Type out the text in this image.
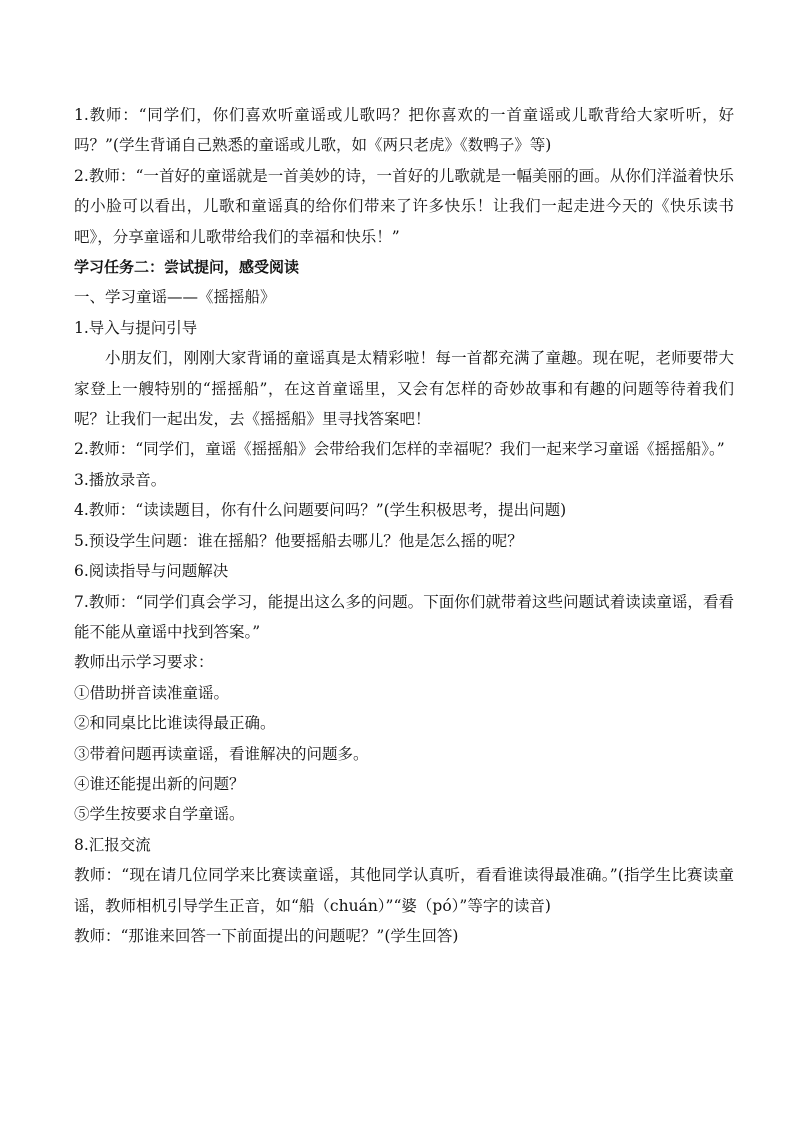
1.教师：“同学们，你们喜欢听童谣或儿歌吗？把你喜欢的一首童谣或儿歌背给大家听听，好吗？”(学生背诵自己熟悉的童谣或儿歌，如《两只老虎》《数鸭子》等)

2.教师：“一首好的童谣就是一首美妙的诗，一首好的儿歌就是一幅美丽的画。从你们洋溢着快乐的小脸可以看出，儿歌和童谣真的给你们带来了许多快乐！让我们一起走进今天的《快乐读书吧》，分享童谣和儿歌带给我们的幸福和快乐！”

学习任务二：尝试提问，感受阅读

一、学习童谣——《摇摇船》

1.导入与提问引导

小朋友们，刚刚大家背诵的童谣真是太精彩啦！每一首都充满了童趣。现在呢，老师要带大家登上一艘特别的“摇摇船”，在这首童谣里，又会有怎样的奇妙故事和有趣的问题等待着我们呢？让我们一起出发，去《摇摇船》里寻找答案吧！

2.教师：“同学们，童谣《摇摇船》会带给我们怎样的幸福呢？我们一起来学习童谣《摇摇船》。”

3.播放录音。

4.教师：“读读题目，你有什么问题要问吗？”(学生积极思考，提出问题)

5.预设学生问题：谁在摇船？他要摇船去哪儿？他是怎么摇的呢？

6.阅读指导与问题解决

7.教师：“同学们真会学习，能提出这么多的问题。下面你们就带着这些问题试着读读童谣，看看能不能从童谣中找到答案。”

教师出示学习要求：

①借助拼音读准童谣。

②和同桌比比谁读得最正确。

③带着问题再读童谣，看谁解决的问题多。

④谁还能提出新的问题？

⑤学生按要求自学童谣。

8.汇报交流

教师：“现在请几位同学来比赛读童谣，其他同学认真听，看看谁读得最准确。”(指学生比赛读童谣，教师相机引导学生正音，如“船（chuán）”“婆（pó）”等字的读音)

教师：“那谁来回答一下前面提出的问题呢？”(学生回答)
